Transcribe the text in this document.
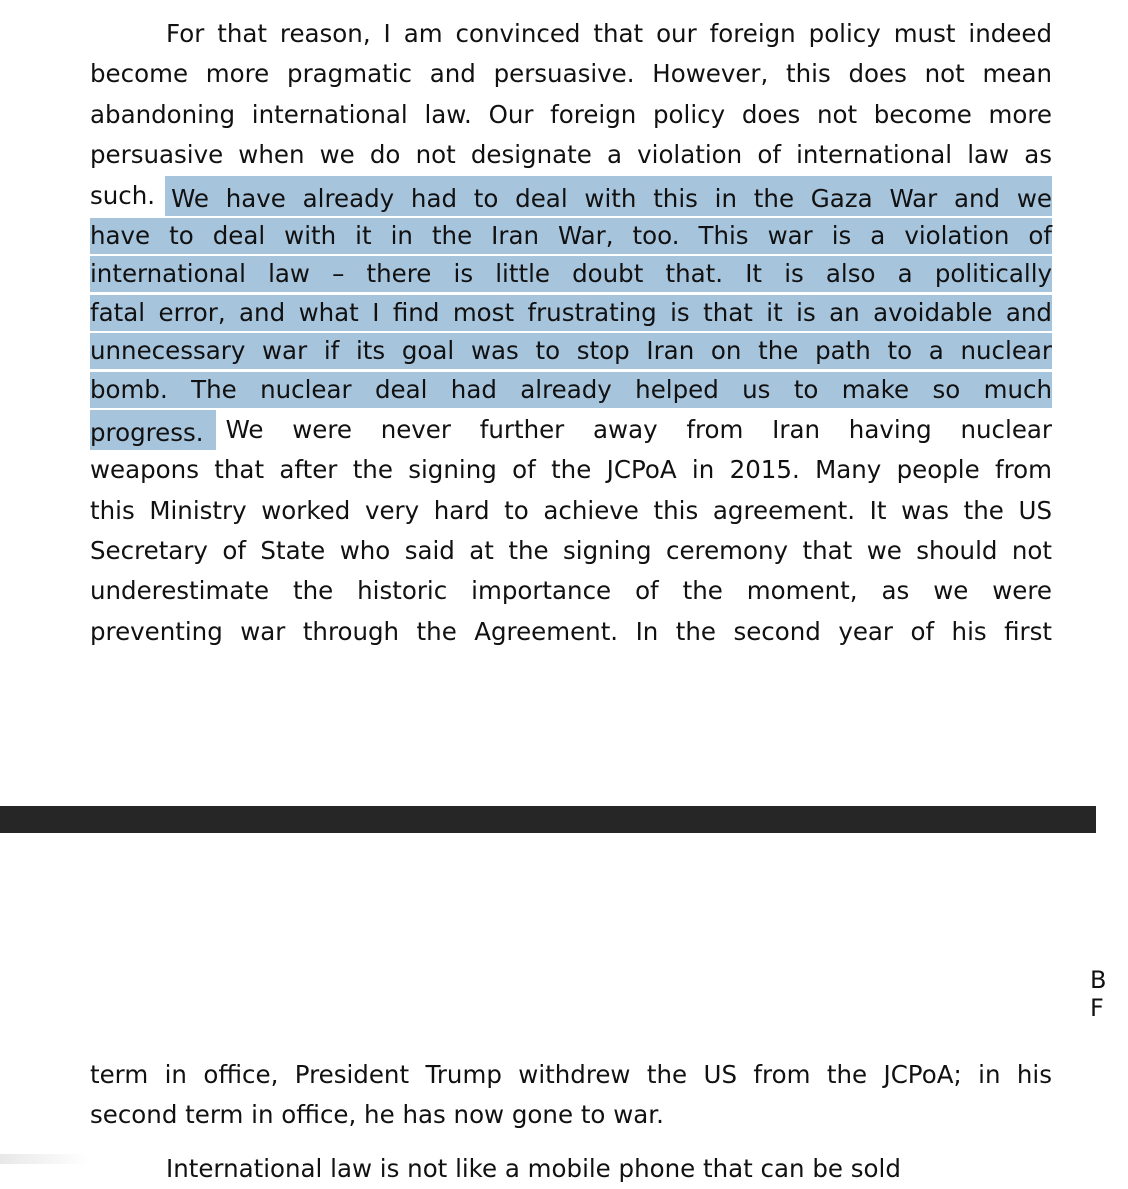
For that reason, I am convinced that our foreign policy must indeed
become more pragmatic and persuasive. However, this does not mean
abandoning international law. Our foreign policy does not become more
persuasive when we do not designate a violation of international law as
such. We have already had to deal with this in the Gaza War and we
have to deal with it in the Iran War, too. This war is a violation of
international law – there is little doubt that. It is also a politically
fatal error, and what I find most frustrating is that it is an avoidable and
unnecessary war if its goal was to stop Iran on the path to a nuclear
bomb. The nuclear deal had already helped us to make so much
progress. We were never further away from Iran having nuclear
weapons that after the signing of the JCPoA in 2015. Many people from
this Ministry worked very hard to achieve this agreement. It was the US
Secretary of State who said at the signing ceremony that we should not
underestimate the historic importance of the moment, as we were
preventing war through the Agreement. In the second year of his first
B
F
term in office, President Trump withdrew the US from the JCPoA; in his
second term in office, he has now gone to war.
International law is not like a mobile phone that can be sold
